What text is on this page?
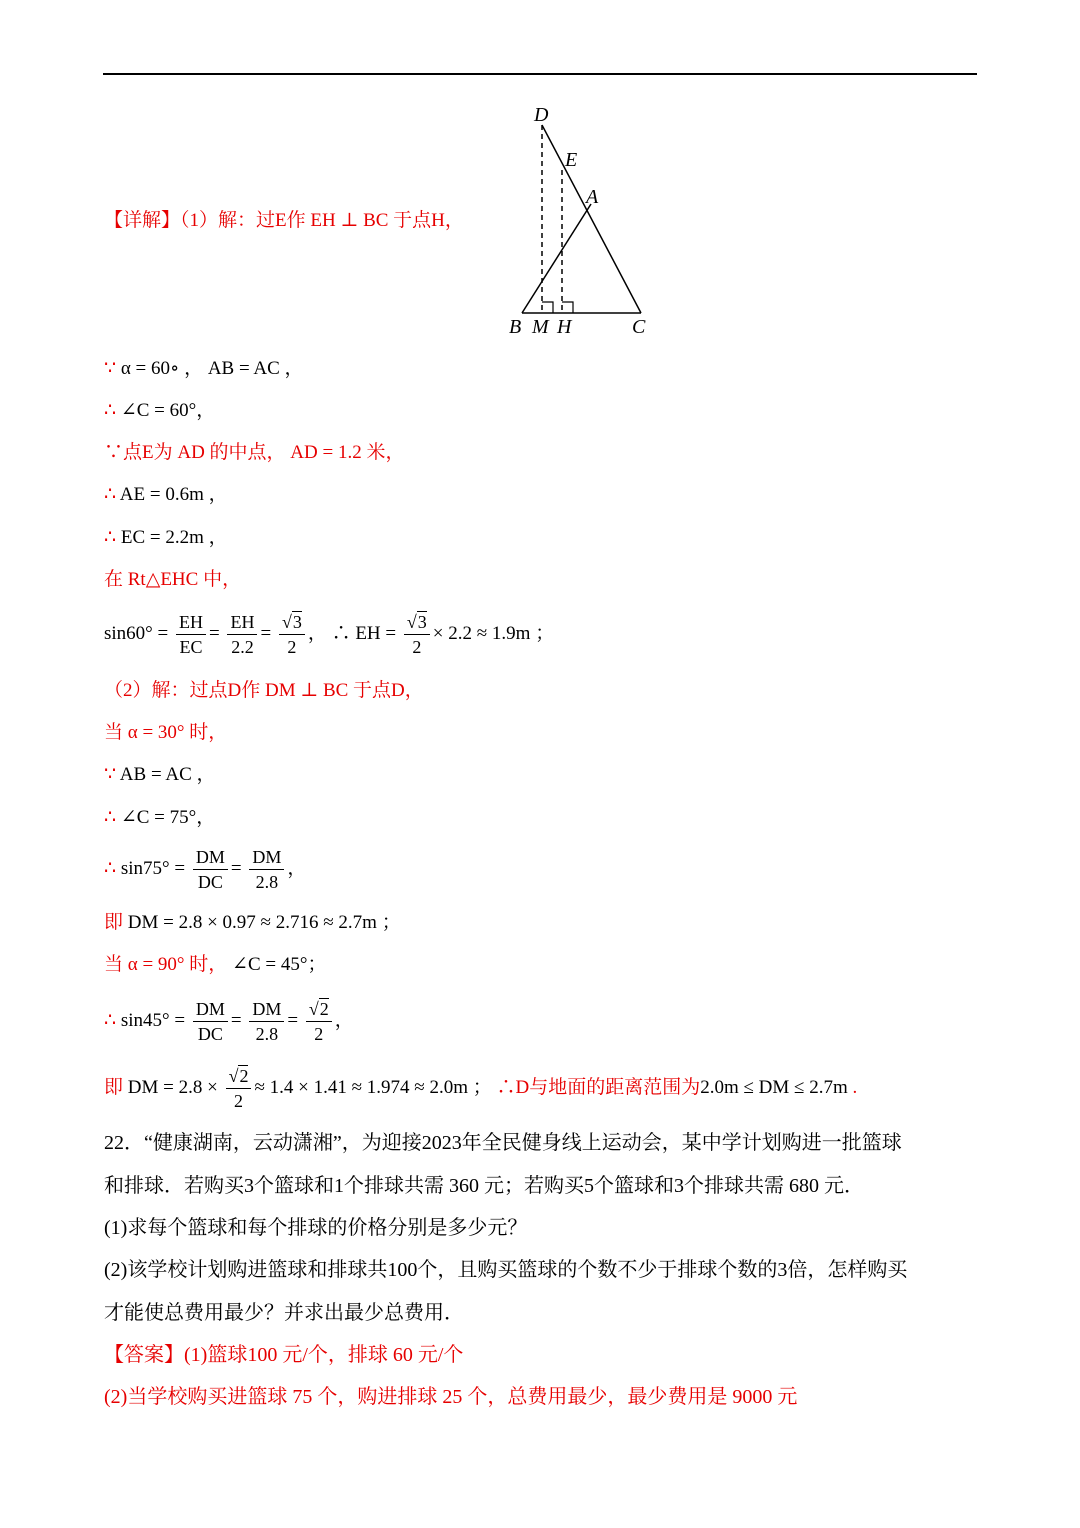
D
E
A
B M H	C
【详解】（1）解：过E作 EH ⊥ BC 于点H，
∵ α = 60∘ ， AB = AC ，
∴ ∠C = 60°，
∵点E为 AD 的中点， AD = 1.2 米，
∴ AE = 0.6m ，
∴ EC = 2.2m ，
在 Rt△EHC 中，
$\sin 60^\circ = \frac{EH}{EC} = \frac{EH}{2.2} = \frac{√3}{2}$ ， ∴ EH = $\frac{√3}{2} \times 2.2 \approx 1.9m$ ；
（2）解：过点D作 DM ⊥ BC 于点D，
当 α = 30° 时，
∵ AB = AC ，
∴ ∠C = 75°，
∴ $\sin 75^\circ = \frac{DM}{DC} = \frac{DM}{2.8}$ ，
即 DM = 2.8 × 0.97 ≈ 2.716 ≈ 2.7m ；
当 α = 90° 时， ∠C = 45°；
∴ $\sin 45^\circ = \frac{DM}{DC} = \frac{DM}{2.8} = \frac{√2}{2}$ ，
即 DM = $2.8 \times \frac{√2}{2} \approx 1.4 \times 1.41 \approx 1.974 \approx 2.0m$ ； ∴D与地面的距离范围为2.0m ≤ DM ≤ 2.7m .
22．“健康湖南，云动潇湘”，为迎接2023年全民健身线上运动会，某中学计划购进一批篮球
和排球．若购买3个篮球和1个排球共需 360 元；若购买5个篮球和3个排球共需 680 元．
(1)求每个篮球和每个排球的价格分别是多少元？
(2)该学校计划购进篮球和排球共100个，且购买篮球的个数不少于排球个数的3倍，怎样购买
才能使总费用最少？并求出最少总费用．
【答案】(1)篮球100 元/个，排球 60 元/个
(2)当学校购买进篮球 75 个，购进排球 25 个，总费用最少，最少费用是 9000 元
